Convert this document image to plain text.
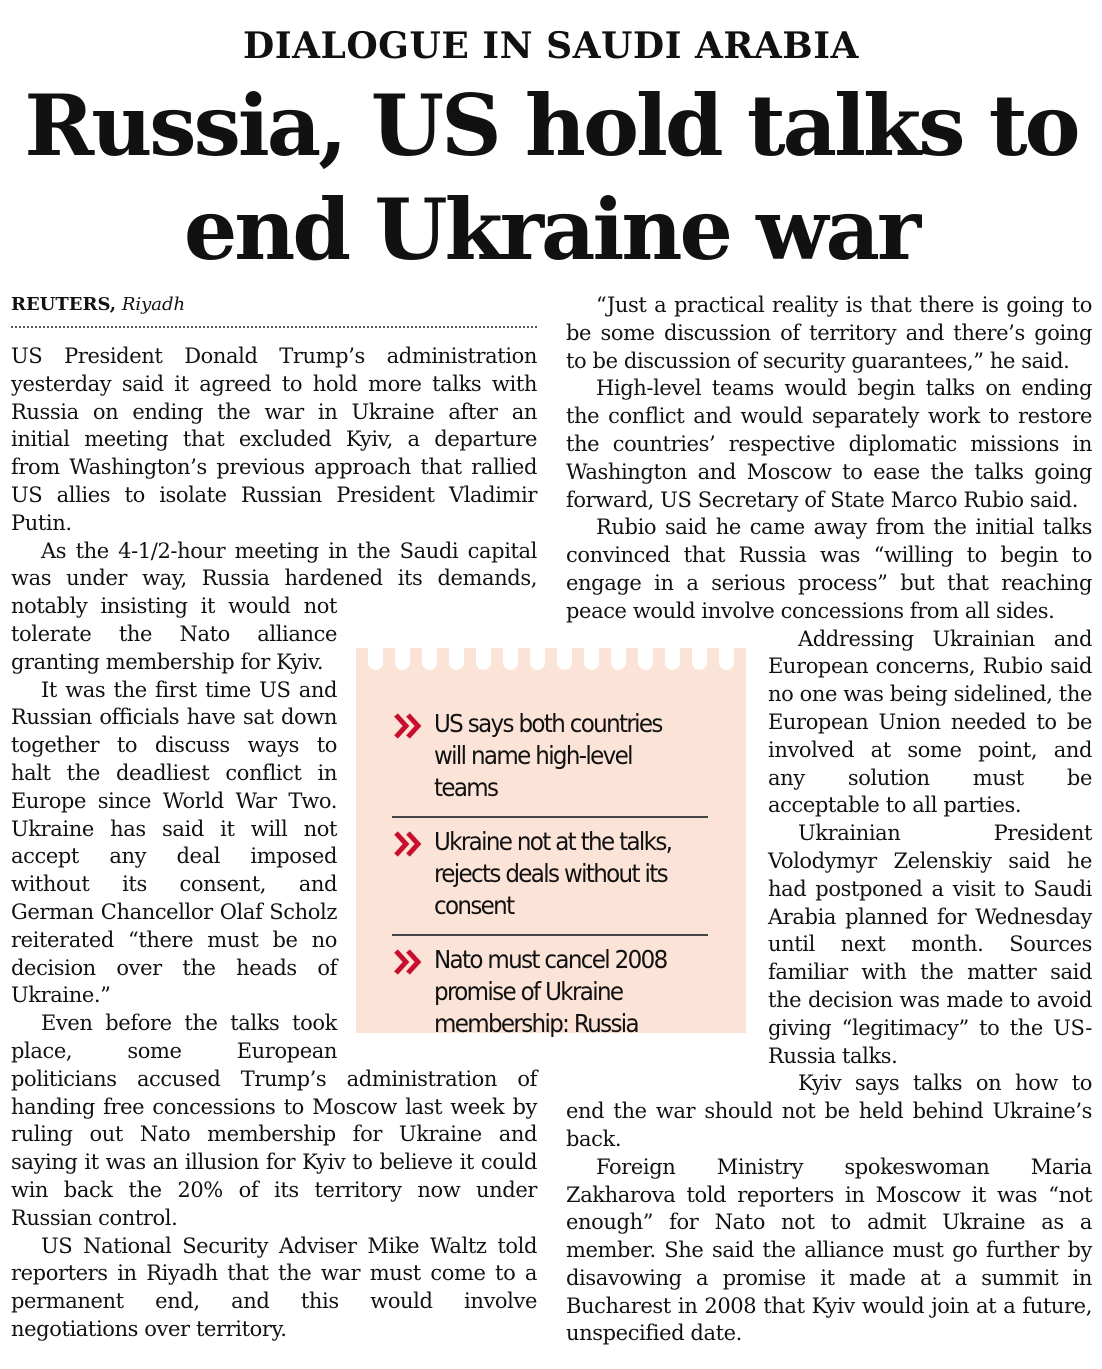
DIALOGUE IN SAUDI ARABIA
Russia, US hold talks to end Ukraine war
REUTERS, Riyadh

US President Donald Trump’s administration yesterday said it agreed to hold more talks with Russia on ending the war in Ukraine after an initial meeting that excluded Kyiv, a departure from Washington’s previous approach that rallied US allies to isolate Russian President Vladimir Putin.

As the 4-1/2-hour meeting in the Saudi capital was under way, Russia hardened its demands, notably insisting it would not tolerate the Nato alliance granting membership for Kyiv.

It was the first time US and Russian officials have sat down together to discuss ways to halt the deadliest conflict in Europe since World War Two. Ukraine has said it will not accept any deal imposed without its consent, and German Chancellor Olaf Scholz reiterated “there must be no decision over the heads of Ukraine.”

Even before the talks took place, some European politicians accused Trump’s administration of handing free concessions to Moscow last week by ruling out Nato membership for Ukraine and saying it was an illusion for Kyiv to believe it could win back the 20% of its territory now under Russian control.

US National Security Adviser Mike Waltz told reporters in Riyadh that the war must come to a permanent end, and this would involve negotiations over territory.

“Just a practical reality is that there is going to be some discussion of territory and there’s going to be discussion of security guarantees,” he said.

High-level teams would begin talks on ending the conflict and would separately work to restore the countries’ respective diplomatic missions in Washington and Moscow to ease the talks going forward, US Secretary of State Marco Rubio said.

Rubio said he came away from the initial talks convinced that Russia was “willing to begin to engage in a serious process” but that reaching peace would involve concessions from all sides.

Addressing Ukrainian and European concerns, Rubio said no one was being sidelined, the European Union needed to be involved at some point, and any solution must be acceptable to all parties.

Ukrainian President Volodymyr Zelenskiy said he had postponed a visit to Saudi Arabia planned for Wednesday until next month. Sources familiar with the matter said the decision was made to avoid giving “legitimacy” to the US-Russia talks.

Kyiv says talks on how to end the war should not be held behind Ukraine’s back.

Foreign Ministry spokeswoman Maria Zakharova told reporters in Moscow it was “not enough” for Nato not to admit Ukraine as a member. She said the alliance must go further by disavowing a promise it made at a summit in Bucharest in 2008 that Kyiv would join at a future, unspecified date.

US says both countries will name high-level teams
Ukraine not at the talks, rejects deals without its consent
Nato must cancel 2008 promise of Ukraine membership: Russia
